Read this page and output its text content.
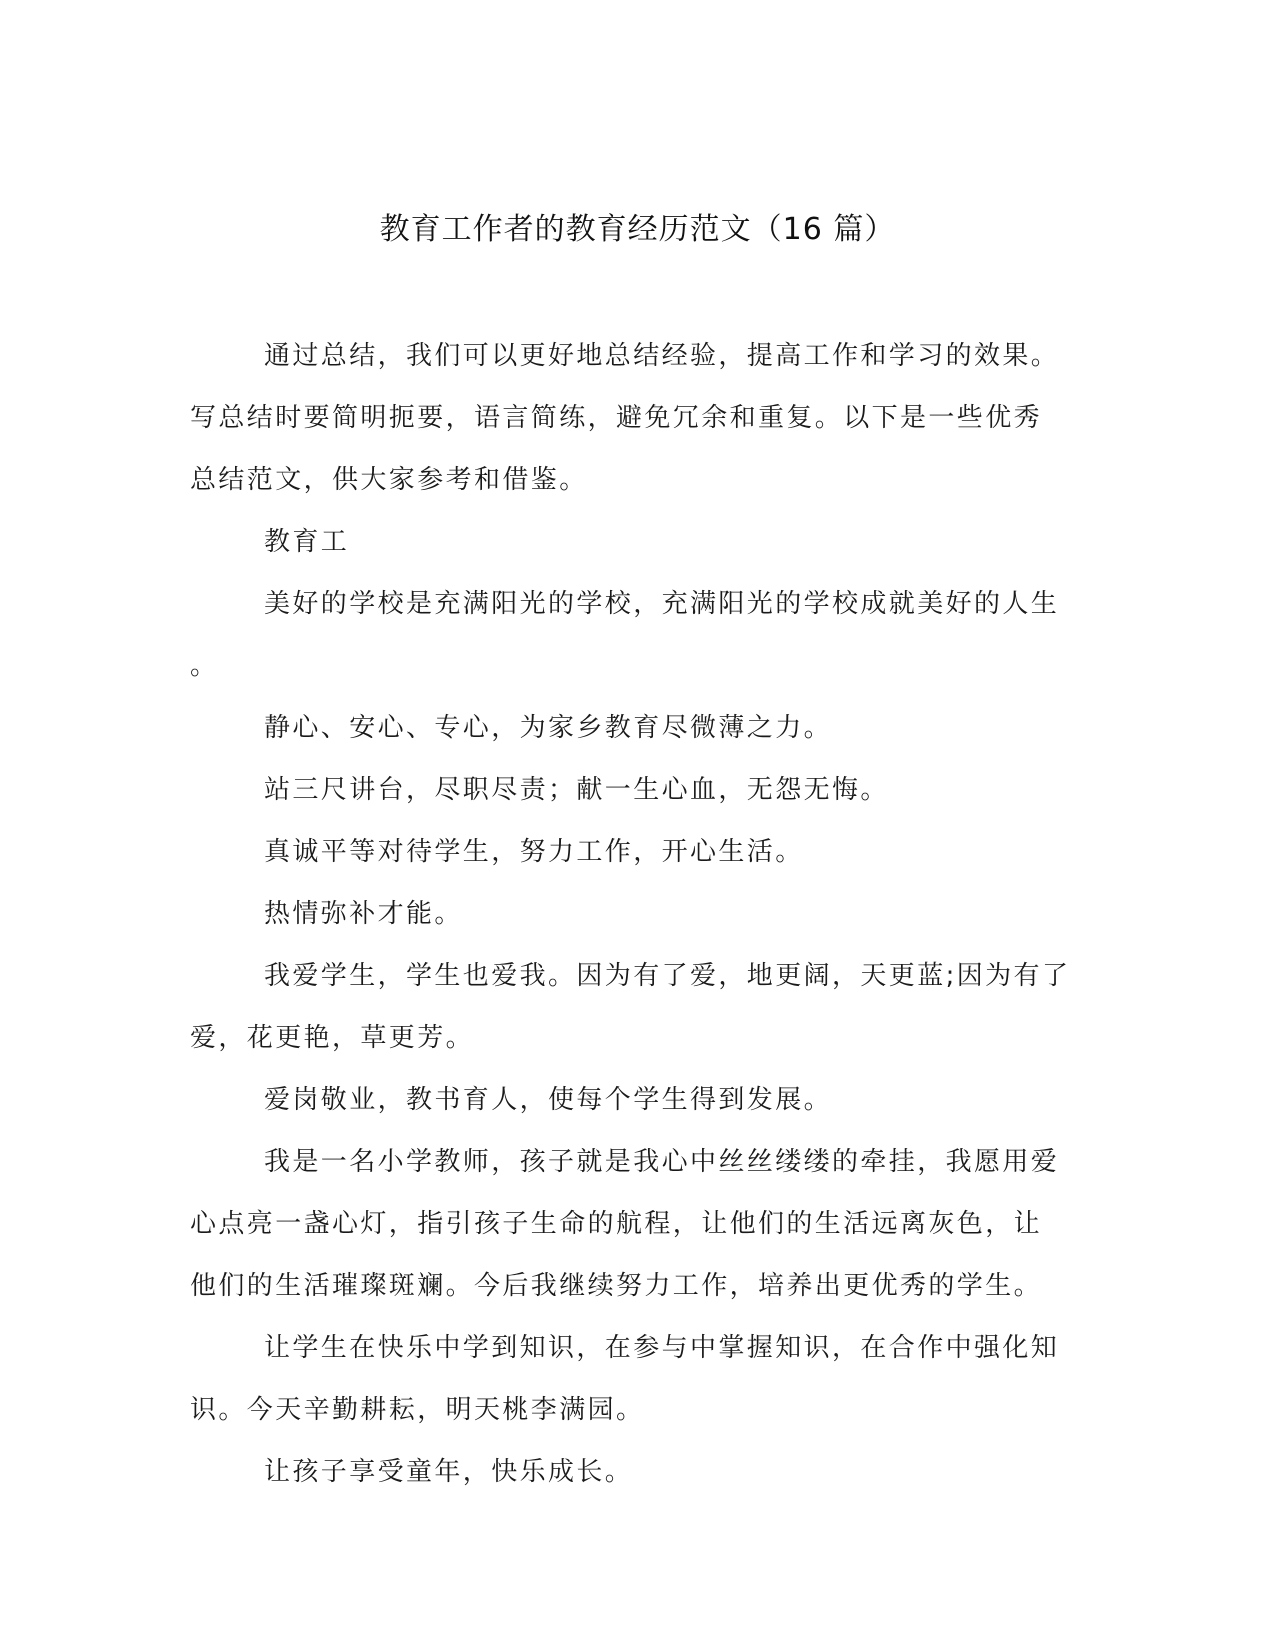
教育工作者的教育经历范文（16 篇）

通过总结，我们可以更好地总结经验，提高工作和学习的效果。
写总结时要简明扼要，语言简练，避免冗余和重复。以下是一些优秀
总结范文，供大家参考和借鉴。

教育工

美好的学校是充满阳光的学校，充满阳光的学校成就美好的人生
。

静心、安心、专心，为家乡教育尽微薄之力。

站三尺讲台，尽职尽责；献一生心血，无怨无悔。

真诚平等对待学生，努力工作，开心生活。

热情弥补才能。

我爱学生，学生也爱我。因为有了爱，地更阔，天更蓝;因为有了
爱，花更艳，草更芳。

爱岗敬业，教书育人，使每个学生得到发展。

我是一名小学教师，孩子就是我心中丝丝缕缕的牵挂，我愿用爱
心点亮一盏心灯，指引孩子生命的航程，让他们的生活远离灰色，让
他们的生活璀璨斑斓。今后我继续努力工作，培养出更优秀的学生。

让学生在快乐中学到知识，在参与中掌握知识，在合作中强化知
识。今天辛勤耕耘，明天桃李满园。

让孩子享受童年，快乐成长。
